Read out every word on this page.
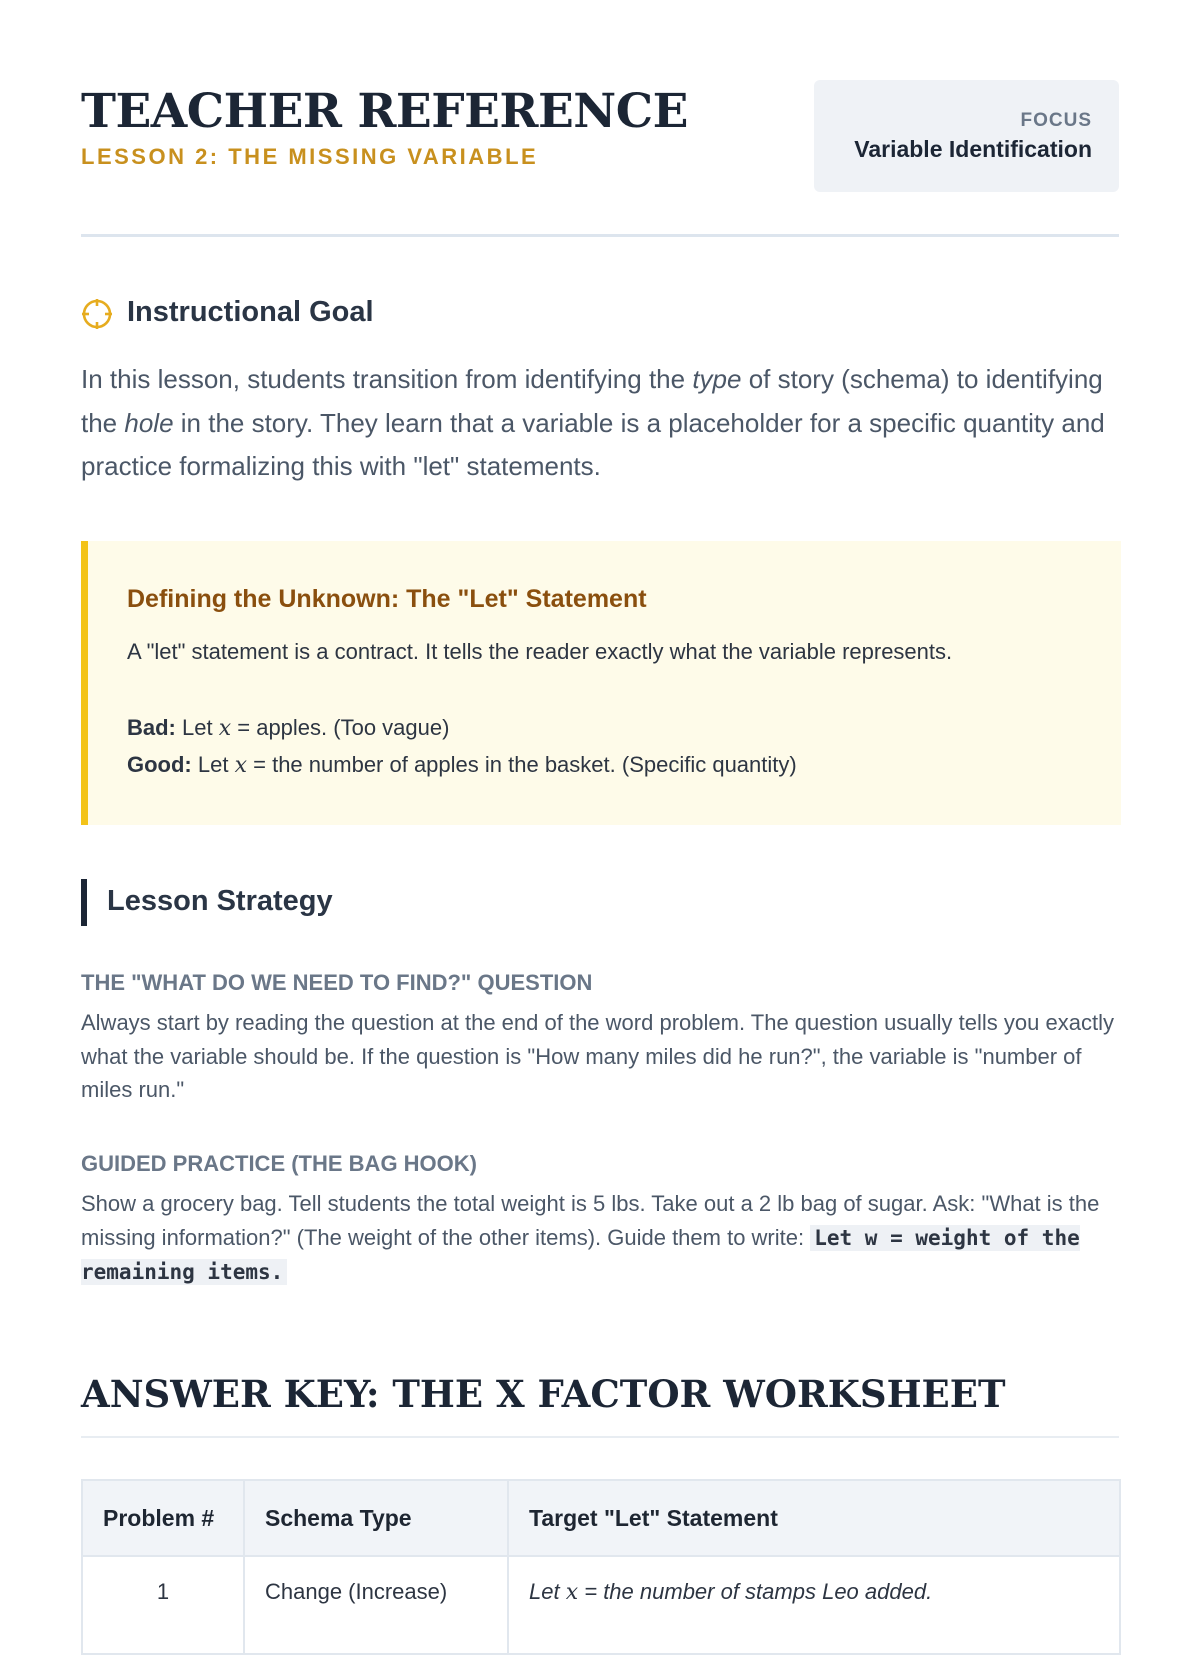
TEACHER REFERENCE
LESSON 2: THE MISSING VARIABLE
FOCUS
Variable Identification
Instructional Goal
In this lesson, students transition from identifying the type of story (schema) to identifying the hole in the story. They learn that a variable is a placeholder for a specific quantity and practice formalizing this with "let" statements.
Defining the Unknown: The "Let" Statement
A "let" statement is a contract. It tells the reader exactly what the variable represents.
Bad: Let x = apples. (Too vague)
Good: Let x = the number of apples in the basket. (Specific quantity)
Lesson Strategy
THE "WHAT DO WE NEED TO FIND?" QUESTION
Always start by reading the question at the end of the word problem. The question usually tells you exactly what the variable should be. If the question is "How many miles did he run?", the variable is "number of miles run."
GUIDED PRACTICE (THE BAG HOOK)
Show a grocery bag. Tell students the total weight is 5 lbs. Take out a 2 lb bag of sugar. Ask: "What is the missing information?" (The weight of the other items). Guide them to write: Let w = weight of the remaining items.
ANSWER KEY: THE X FACTOR WORKSHEET
Problem #	Schema Type	Target "Let" Statement
1	Change (Increase)	Let x = the number of stamps Leo added.
